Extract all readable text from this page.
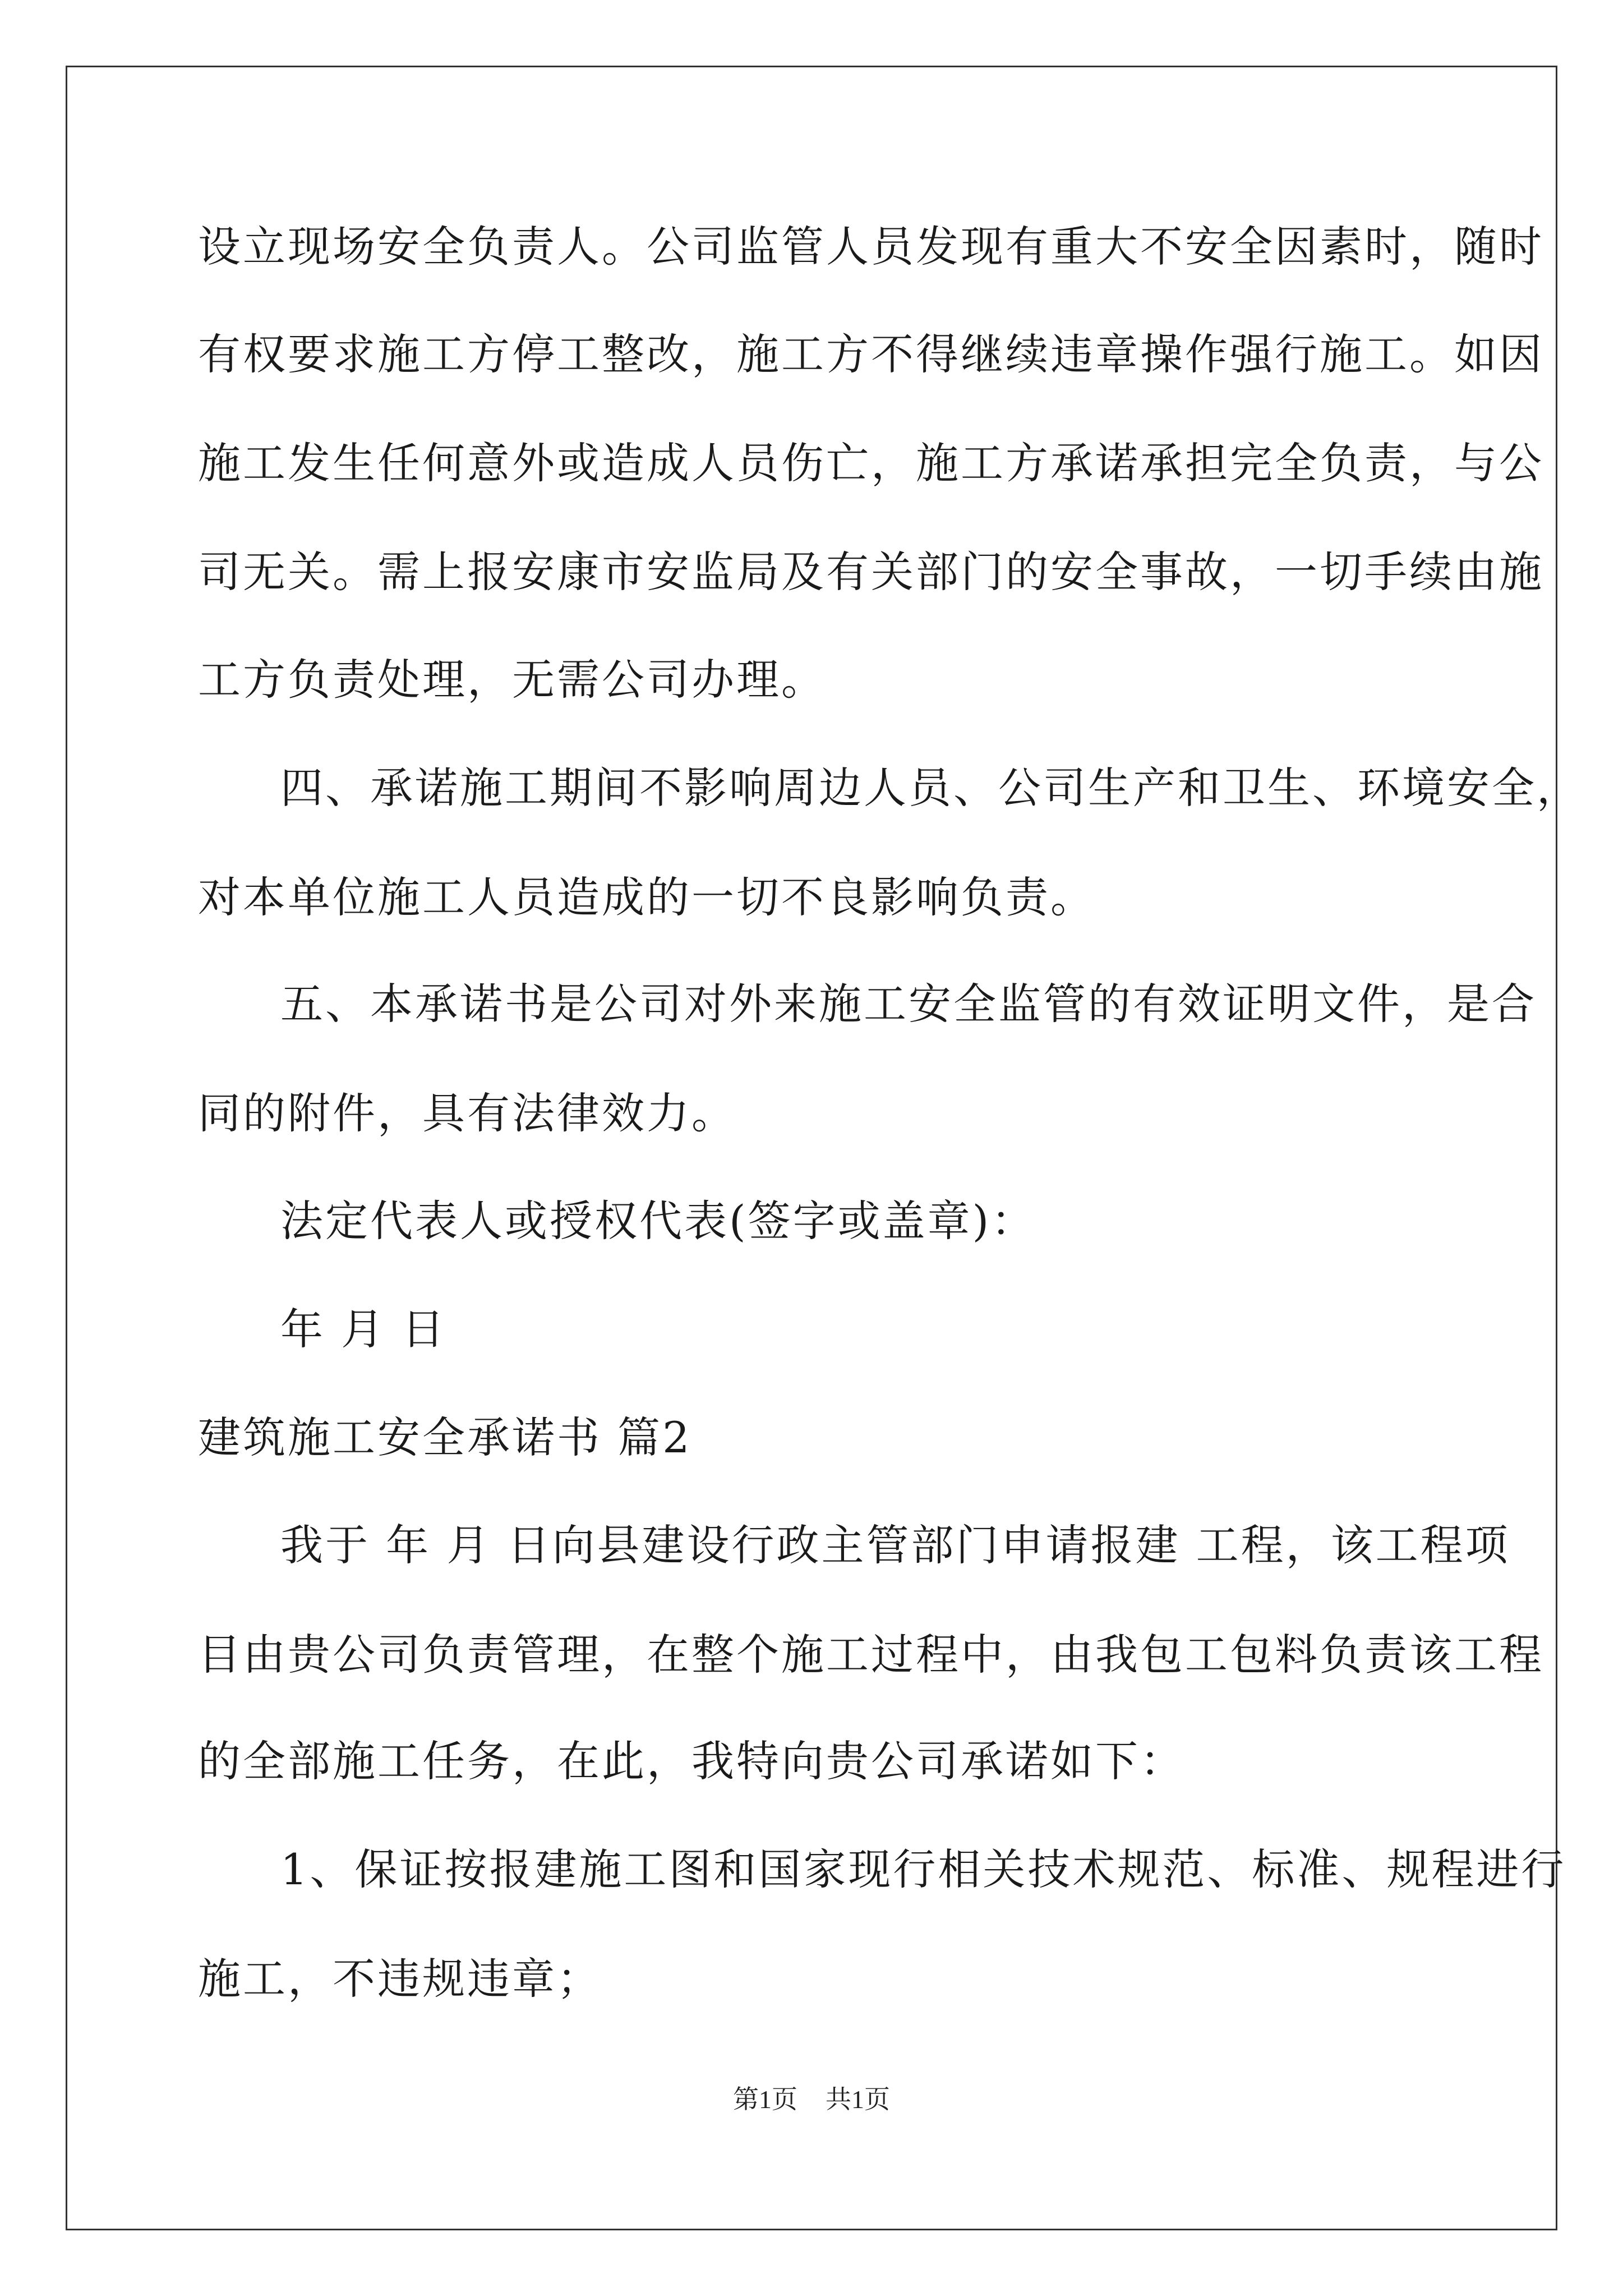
设立现场安全负责人。公司监管人员发现有重大不安全因素时，随时
有权要求施工方停工整改，施工方不得继续违章操作强行施工。如因
施工发生任何意外或造成人员伤亡，施工方承诺承担完全负责，与公
司无关。需上报安康市安监局及有关部门的安全事故，一切手续由施
工方负责处理，无需公司办理。
四、承诺施工期间不影响周边人员、公司生产和卫生、环境安全，
对本单位施工人员造成的一切不良影响负责。
五、本承诺书是公司对外来施工安全监管的有效证明文件，是合
同的附件，具有法律效力。
法定代表人或授权代表(签字或盖章)：
年 月 日
建筑施工安全承诺书 篇2
我于 年 月 日向县建设行政主管部门申请报建 工程，该工程项
目由贵公司负责管理，在整个施工过程中，由我包工包料负责该工程
的全部施工任务，在此，我特向贵公司承诺如下：
1、保证按报建施工图和国家现行相关技术规范、标准、规程进行
施工，不违规违章；
第1页 共1页
